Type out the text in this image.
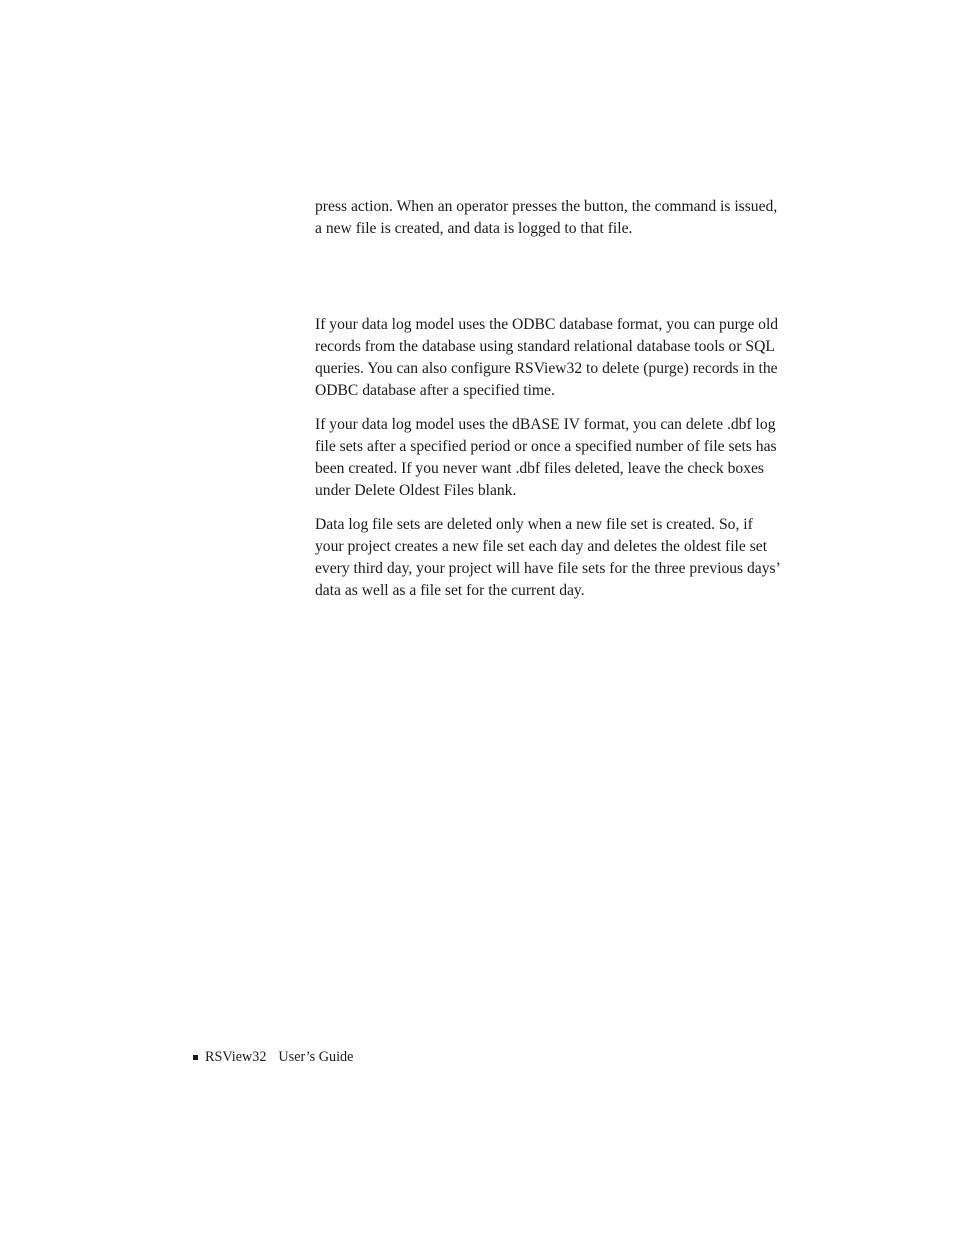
press action. When an operator presses the button, the command is issued, a new file is created, and data is logged to that file.

If your data log model uses the ODBC database format, you can purge old records from the database using standard relational database tools or SQL queries. You can also configure RSView32 to delete (purge) records in the ODBC database after a specified time.

If your data log model uses the dBASE IV format, you can delete .dbf log file sets after a specified period or once a specified number of file sets has been created. If you never want .dbf files deleted, leave the check boxes under Delete Oldest Files blank.

Data log file sets are deleted only when a new file set is created. So, if your project creates a new file set each day and deletes the oldest file set every third day, your project will have file sets for the three previous days’ data as well as a file set for the current day.

RSView32 User’s Guide
